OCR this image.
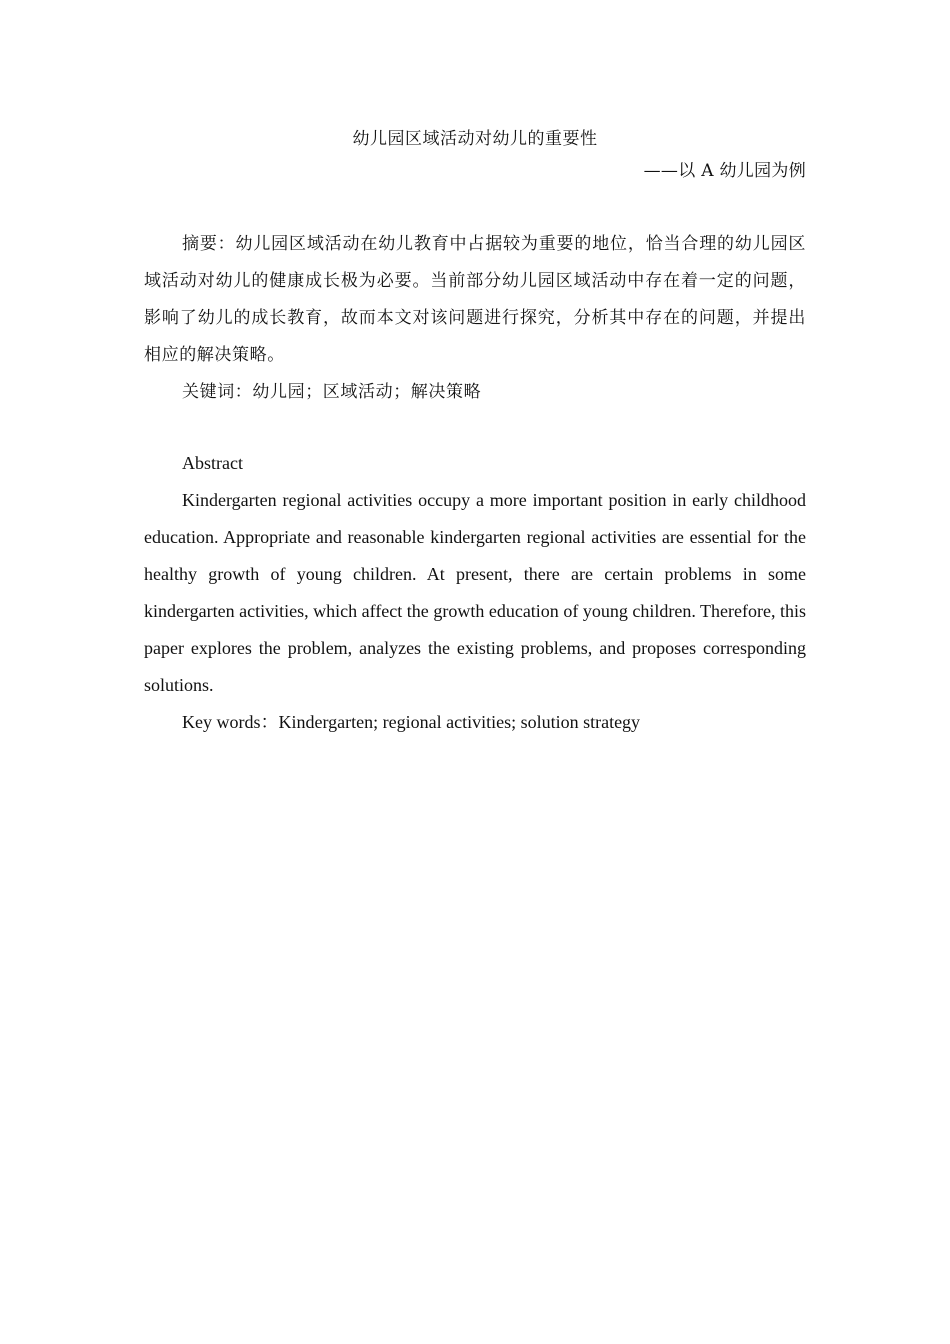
幼儿园区域活动对幼儿的重要性

——以 A 幼儿园为例

摘要：幼儿园区域活动在幼儿教育中占据较为重要的地位，恰当合理的幼儿园区域活动对幼儿的健康成长极为必要。当前部分幼儿园区域活动中存在着一定的问题，影响了幼儿的成长教育，故而本文对该问题进行探究，分析其中存在的问题，并提出相应的解决策略。

关键词：幼儿园；区域活动；解决策略

Abstract

Kindergarten regional activities occupy a more important position in early childhood education. Appropriate and reasonable kindergarten regional activities are essential for the healthy growth of young children. At present, there are certain problems in some kindergarten activities, which affect the growth education of young children. Therefore, this paper explores the problem, analyzes the existing problems, and proposes corresponding solutions.

Key words：Kindergarten; regional activities; solution strategy
